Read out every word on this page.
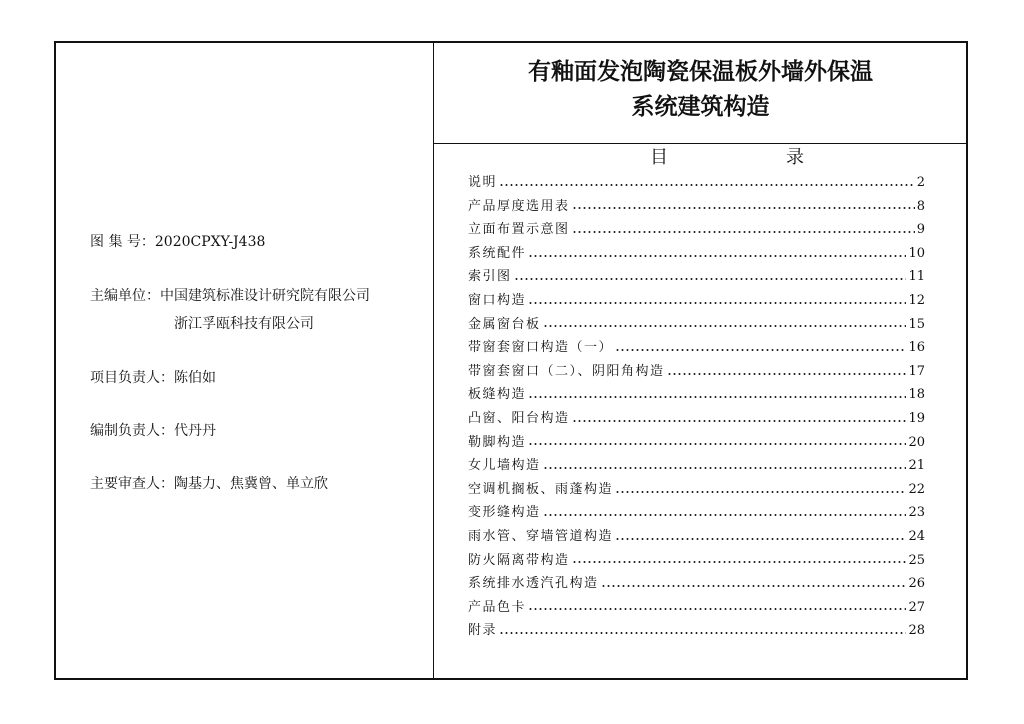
有釉面发泡陶瓷保温板外墙外保温
系统建筑构造
目	录
图 集 号：2020CPXY-J438
主编单位：中国建筑标准设计研究院有限公司
浙江孚瓯科技有限公司
项目负责人：陈伯如
编制负责人：代丹丹
主要审查人：陶基力、焦冀曾、单立欣
说明	2
产品厚度选用表	8
立面布置示意图	9
系统配件	10
索引图	11
窗口构造	12
金属窗台板	15
带窗套窗口构造（一）	16
带窗套窗口（二）、阴阳角构造	17
板缝构造	18
凸窗、阳台构造	19
勒脚构造	20
女儿墙构造	21
空调机搁板、雨蓬构造	22
变形缝构造	23
雨水管、穿墙管道构造	24
防火隔离带构造	25
系统排水透汽孔构造	26
产品色卡	27
附录	28
